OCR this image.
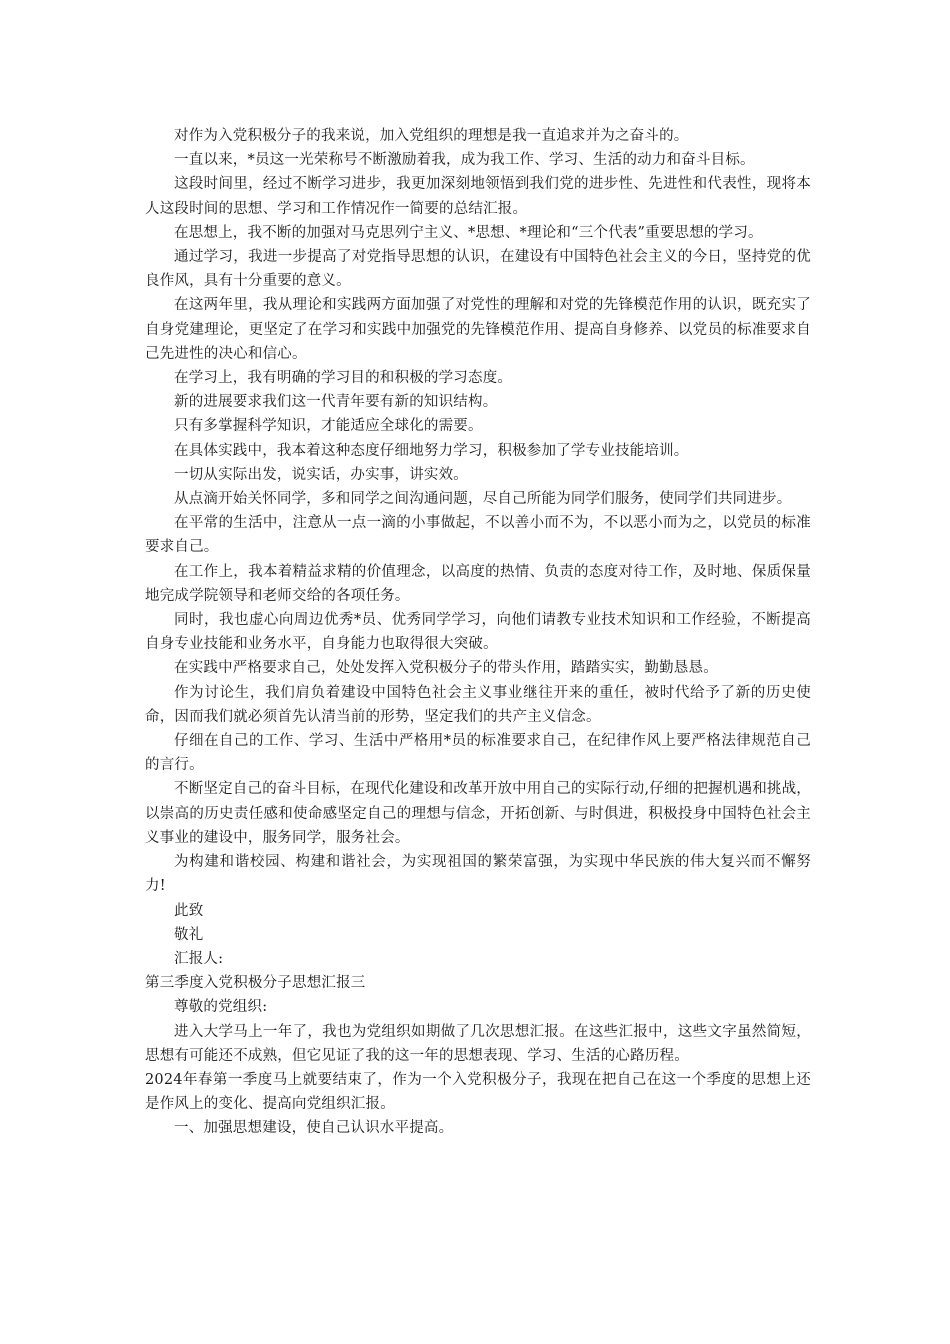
对作为入党积极分子的我来说，加入党组织的理想是我一直追求并为之奋斗的。

一直以来，*员这一光荣称号不断激励着我，成为我工作、学习、生活的动力和奋斗目标。

这段时间里，经过不断学习进步，我更加深刻地领悟到我们党的进步性、先进性和代表性，现将本人这段时间的思想、学习和工作情况作一简要的总结汇报。

在思想上，我不断的加强对马克思列宁主义、*思想、*理论和“三个代表”重要思想的学习。

通过学习，我进一步提高了对党指导思想的认识，在建设有中国特色社会主义的今日，坚持党的优良作风，具有十分重要的意义。

在这两年里，我从理论和实践两方面加强了对党性的理解和对党的先锋模范作用的认识，既充实了自身党建理论，更坚定了在学习和实践中加强党的先锋模范作用、提高自身修养、以党员的标准要求自己先进性的决心和信心。

在学习上，我有明确的学习目的和积极的学习态度。

新的进展要求我们这一代青年要有新的知识结构。

只有多掌握科学知识，才能适应全球化的需要。

在具体实践中，我本着这种态度仔细地努力学习，积极参加了学专业技能培训。

一切从实际出发，说实话，办实事，讲实效。

从点滴开始关怀同学，多和同学之间沟通问题，尽自己所能为同学们服务，使同学们共同进步。

在平常的生活中，注意从一点一滴的小事做起，不以善小而不为，不以恶小而为之，以党员的标准要求自己。

在工作上，我本着精益求精的价值理念，以高度的热情、负责的态度对待工作，及时地、保质保量地完成学院领导和老师交给的各项任务。

同时，我也虚心向周边优秀*员、优秀同学学习，向他们请教专业技术知识和工作经验，不断提高自身专业技能和业务水平，自身能力也取得很大突破。

在实践中严格要求自己，处处发挥入党积极分子的带头作用，踏踏实实，勤勤恳恳。

作为讨论生，我们肩负着建设中国特色社会主义事业继往开来的重任，被时代给予了新的历史使命，因而我们就必须首先认清当前的形势，坚定我们的共产主义信念。

仔细在自己的工作、学习、生活中严格用*员的标准要求自己，在纪律作风上要严格法律规范自己的言行。

不断坚定自己的奋斗目标，在现代化建设和改革开放中用自己的实际行动,仔细的把握机遇和挑战，以崇高的历史责任感和使命感坚定自己的理想与信念，开拓创新、与时俱进，积极投身中国特色社会主义事业的建设中，服务同学，服务社会。

为构建和谐校园、构建和谐社会，为实现祖国的繁荣富强，为实现中华民族的伟大复兴而不懈努力!

此致

敬礼

汇报人:

第三季度入党积极分子思想汇报三

尊敬的党组织:

进入大学马上一年了，我也为党组织如期做了几次思想汇报。在这些汇报中，这些文字虽然简短，思想有可能还不成熟，但它见证了我的这一年的思想表现、学习、生活的心路历程。

2024年春第一季度马上就要结束了，作为一个入党积极分子，我现在把自己在这一个季度的思想上还是作风上的变化、提高向党组织汇报。

一、加强思想建设，使自己认识水平提高。
